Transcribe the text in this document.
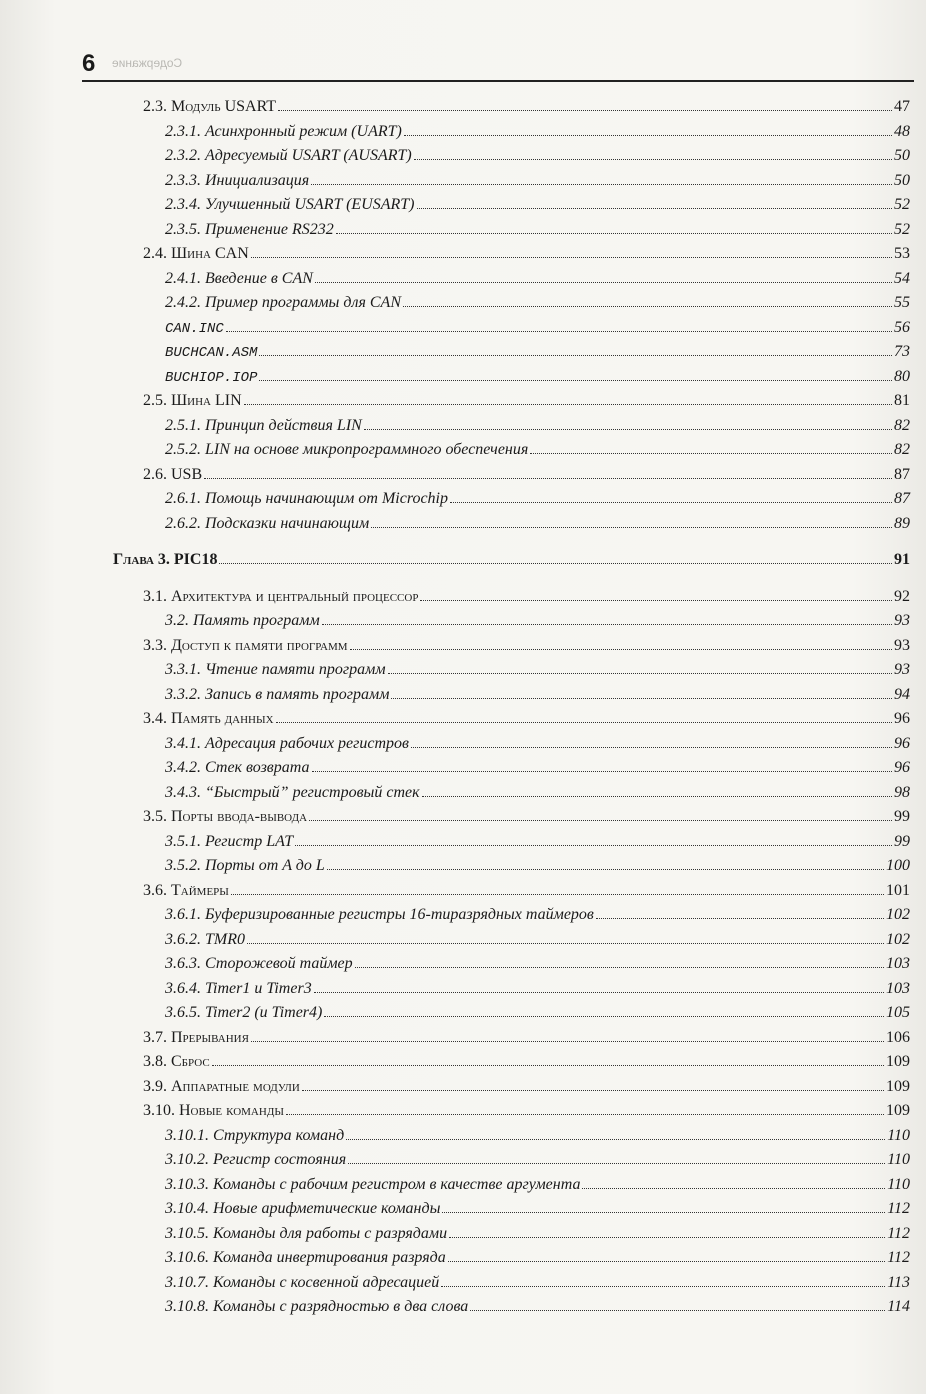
6 Содержание
2.3. Модуль USART	47
2.3.1. Асинхронный режим (UART)	48
2.3.2. Адресуемый USART (AUSART)	50
2.3.3. Инициализация	50
2.3.4. Улучшенный USART (EUSART)	52
2.3.5. Применение RS232	52
2.4. Шина CAN	53
2.4.1. Введение в CAN	54
2.4.2. Пример программы для CAN	55
CAN.INC	56
BUCHCAN.ASM	73
BUCHIOP.IOP	80
2.5. Шина LIN	81
2.5.1. Принцип действия LIN	82
2.5.2. LIN на основе микропрограммного обеспечения	82
2.6. USB	87
2.6.1. Помощь начинающим от Microchip	87
2.6.2. Подсказки начинающим	89
Глава 3. PIC18	91
3.1. Архитектура и центральный процессор	92
3.2. Память программ	93
3.3. Доступ к памяти программ	93
3.3.1. Чтение памяти программ	93
3.3.2. Запись в память программ	94
3.4. Память данных	96
3.4.1. Адресация рабочих регистров	96
3.4.2. Стек возврата	96
3.4.3. “Быстрый” регистровый стек	98
3.5. Порты ввода-вывода	99
3.5.1. Регистр LAT	99
3.5.2. Порты от A до L	100
3.6. Таймеры	101
3.6.1. Буферизированные регистры 16-тиразрядных таймеров	102
3.6.2. TMR0	102
3.6.3. Сторожевой таймер	103
3.6.4. Timer1 и Timer3	103
3.6.5. Timer2 (и Timer4)	105
3.7. Прерывания	106
3.8. Сброс	109
3.9. Аппаратные модули	109
3.10. Новые команды	109
3.10.1. Структура команд	110
3.10.2. Регистр состояния	110
3.10.3. Команды с рабочим регистром в качестве аргумента	110
3.10.4. Новые арифметические команды	112
3.10.5. Команды для работы с разрядами	112
3.10.6. Команда инвертирования разряда	112
3.10.7. Команды с косвенной адресацией	113
3.10.8. Команды с разрядностью в два слова	114
